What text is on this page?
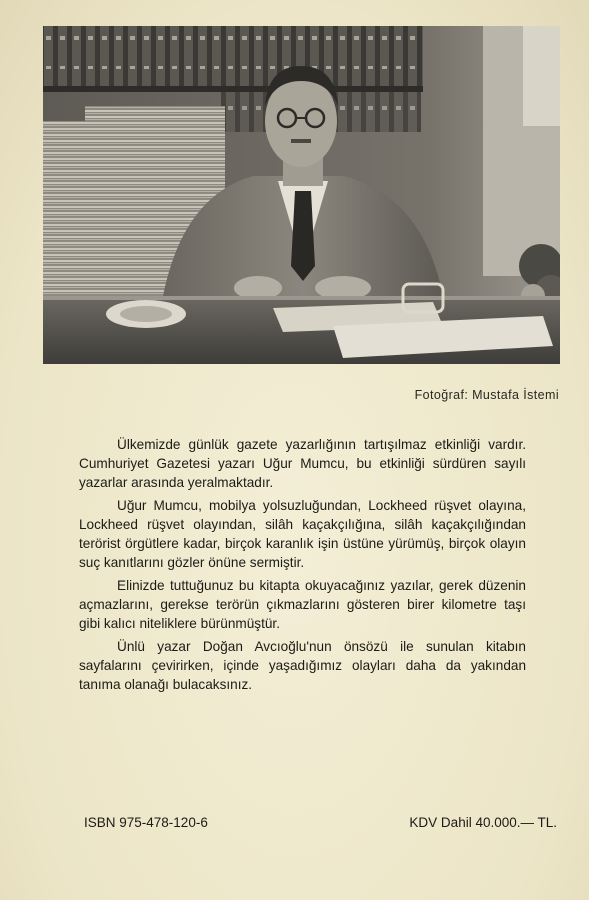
Fotoğraf: Mustafa İstemi

Ülkemizde günlük gazete yazarlığının tartışılmaz etkinliği vardır. Cumhuriyet Gazetesi yazarı Uğur Mumcu, bu etkinliği sürdüren sayılı yazarlar arasında yeralmaktadır.

Uğur Mumcu, mobilya yolsuzluğundan, Lockheed rüşvet olayına, Lockheed rüşvet olayından, silâh kaçakçılığına, silâh kaçakçılığından terörist örgütlere kadar, birçok karanlık işin üstüne yürümüş, birçok olayın suç kanıtlarını gözler önüne sermiştir.

Elinizde tuttuğunuz bu kitapta okuyacağınız yazılar, gerek düzenin açmazlarını, gerekse terörün çıkmazlarını gösteren birer kilometre taşı gibi kalıcı niteliklere bürünmüştür.

Ünlü yazar Doğan Avcıoğlu'nun önsözü ile sunulan kitabın sayfalarını çevirirken, içinde yaşadığımız olayları daha da yakından tanıma olanağı bulacaksınız.

ISBN 975-478-120-6	KDV Dahil 40.000.— TL.
